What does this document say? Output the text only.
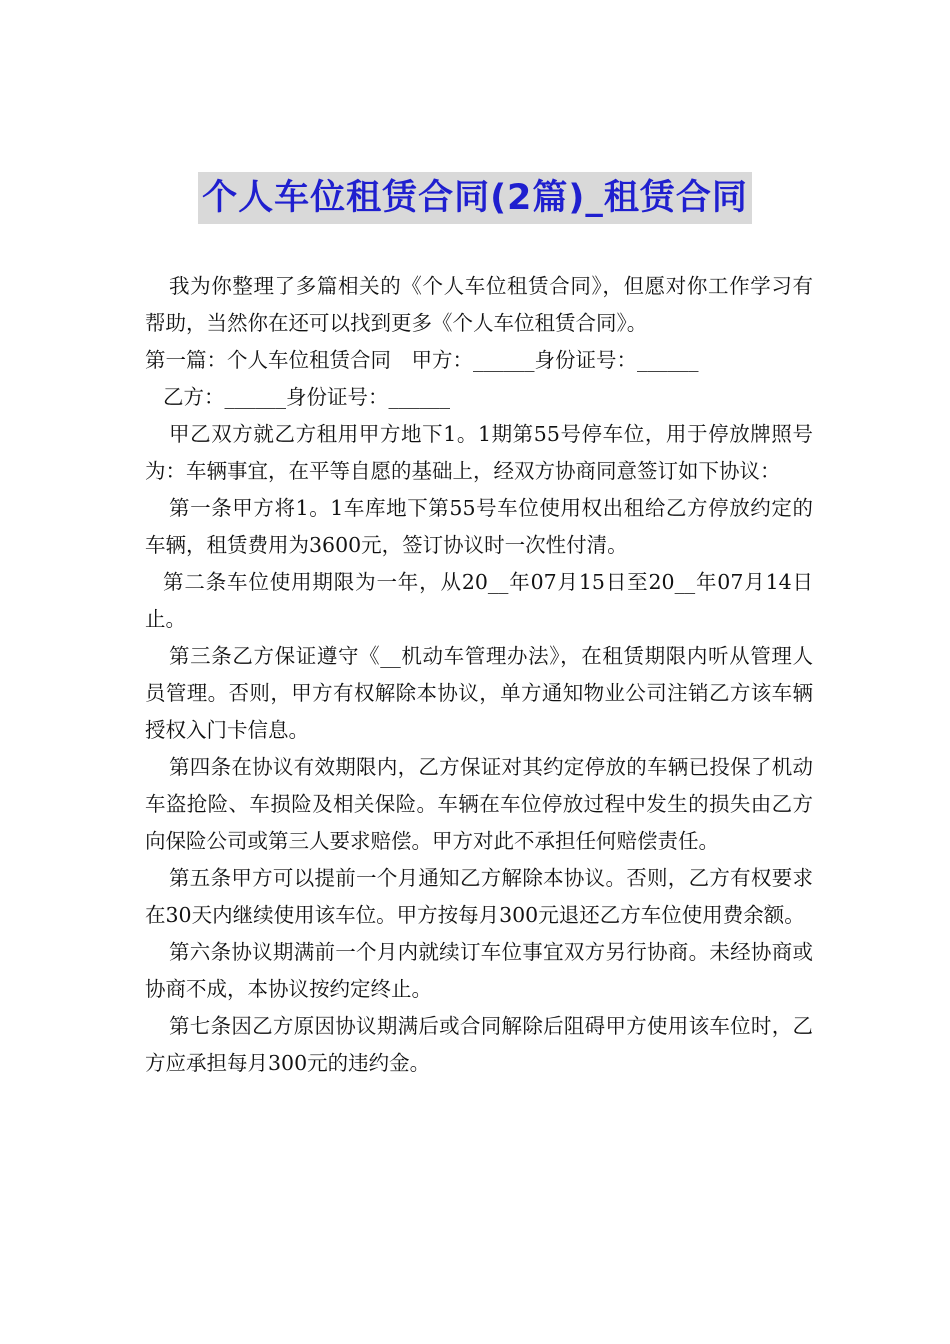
个人车位租赁合同(2篇)_租赁合同

我为你整理了多篇相关的《个人车位租赁合同》，但愿对你工作学习有帮助，当然你在还可以找到更多《个人车位租赁合同》。

第一篇：个人车位租赁合同　甲方：______身份证号：______

乙方：______身份证号：______

甲乙双方就乙方租用甲方地下1。1期第55号停车位，用于停放牌照号为：车辆事宜，在平等自愿的基础上，经双方协商同意签订如下协议：

第一条甲方将1。1车库地下第55号车位使用权出租给乙方停放约定的车辆，租赁费用为3600元，签订协议时一次性付清。

第二条车位使用期限为一年，从20__年07月15日至20__年07月14日止。

第三条乙方保证遵守《__机动车管理办法》，在租赁期限内听从管理人员管理。否则，甲方有权解除本协议，单方通知物业公司注销乙方该车辆授权入门卡信息。

第四条在协议有效期限内，乙方保证对其约定停放的车辆已投保了机动车盗抢险、车损险及相关保险。车辆在车位停放过程中发生的损失由乙方向保险公司或第三人要求赔偿。甲方对此不承担任何赔偿责任。

第五条甲方可以提前一个月通知乙方解除本协议。否则，乙方有权要求在30天内继续使用该车位。甲方按每月300元退还乙方车位使用费余额。

第六条协议期满前一个月内就续订车位事宜双方另行协商。未经协商或协商不成，本协议按约定终止。

第七条因乙方原因协议期满后或合同解除后阻碍甲方使用该车位时，乙方应承担每月300元的违约金。
